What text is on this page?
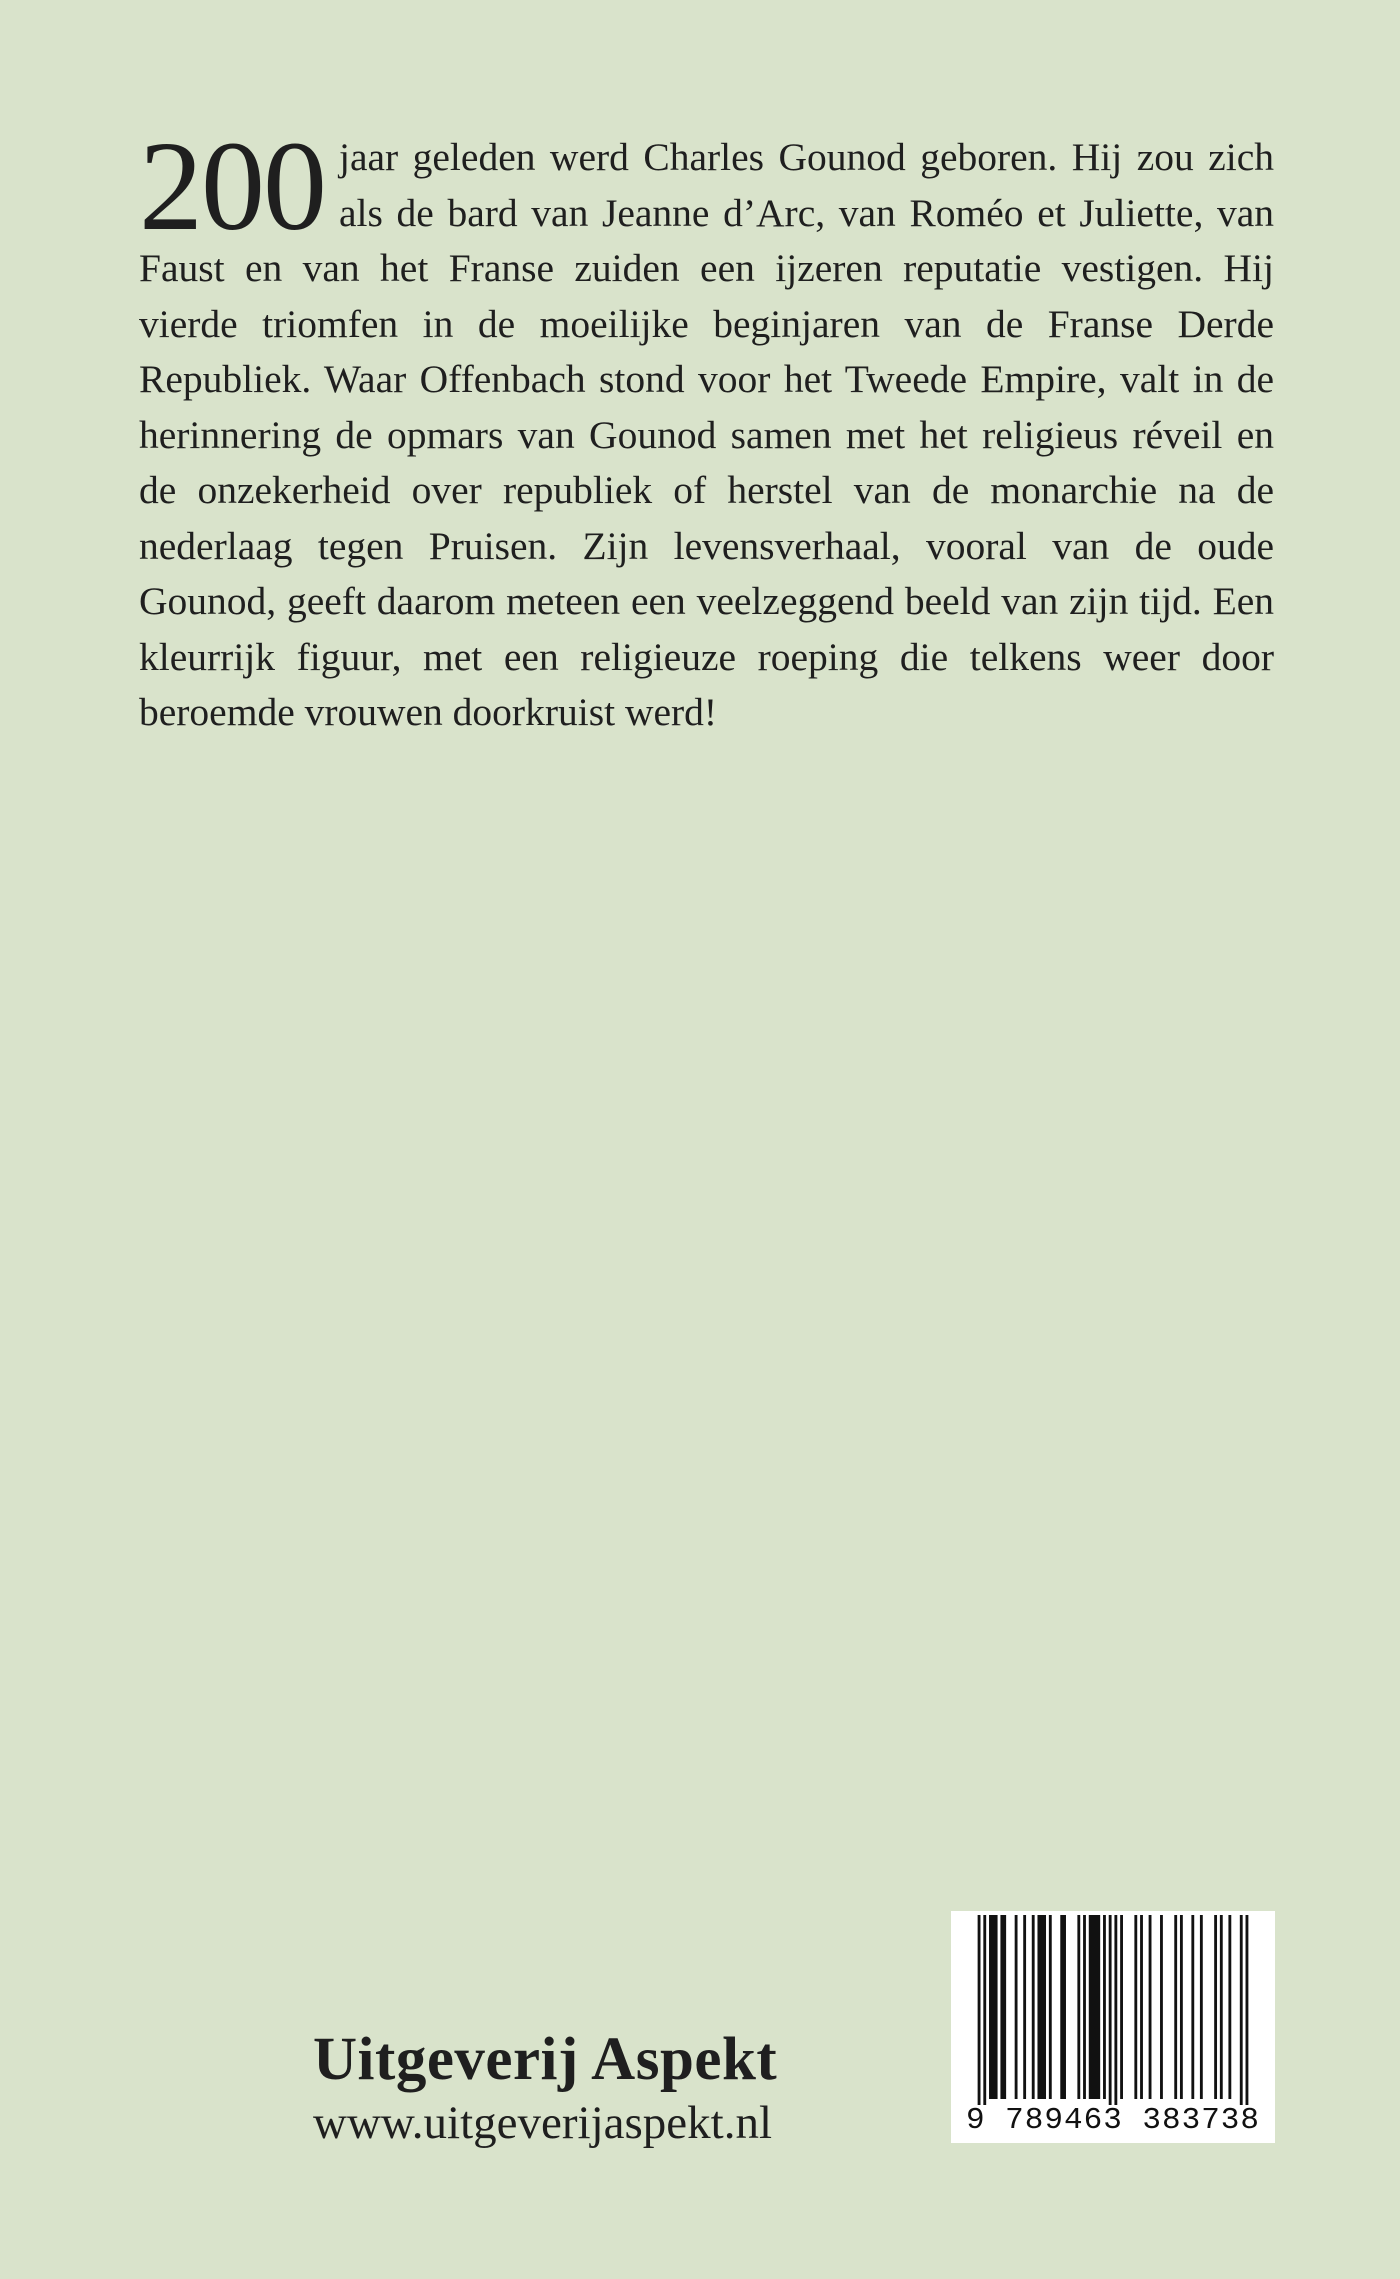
200 jaar geleden werd Charles Gounod geboren. Hij zou zich als de bard van Jeanne d’Arc, van Roméo et Juliette, van Faust en van het Franse zuiden een ijzeren reputatie vestigen. Hij vierde triomfen in de moeilijke beginjaren van de Franse Derde Republiek. Waar Offenbach stond voor het Tweede Empire, valt in de herinnering de opmars van Gounod samen met het religieus réveil en de onzekerheid over republiek of herstel van de monarchie na de nederlaag tegen Pruisen. Zijn levensverhaal, vooral van de oude Gounod, geeft daarom meteen een veelzeggend beeld van zijn tijd. Een kleurrijk figuur, met een religieuze roeping die telkens weer door beroemde vrouwen doorkruist werd!
Uitgeverij Aspekt
www.uitgeverijaspekt.nl	9 789463 383738
